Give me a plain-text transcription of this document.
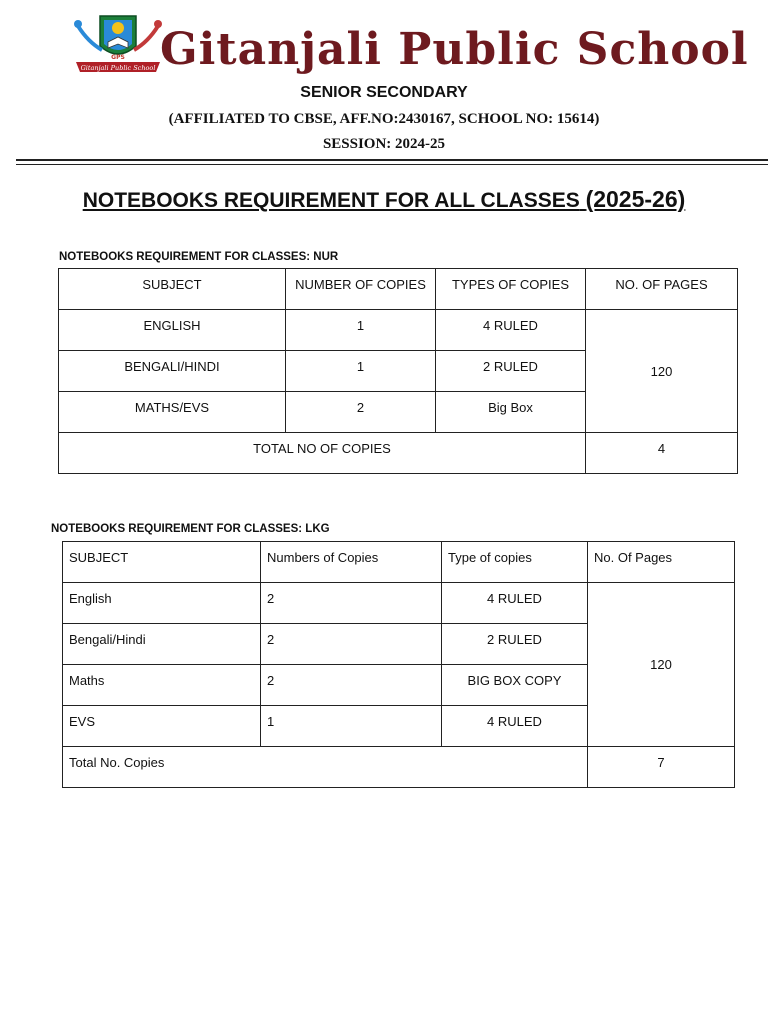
GPS
Gitanjali Public School Gitanjali Public School
SENIOR SECONDARY
(AFFILIATED TO CBSE, AFF.NO:2430167, SCHOOL NO: 15614)
SESSION: 2024-25
NOTEBOOKS REQUIREMENT FOR ALL CLASSES (2025-26)
NOTEBOOKS REQUIREMENT FOR CLASSES: NUR
SUBJECT	NUMBER OF COPIES	TYPES OF COPIES	NO. OF PAGES
ENGLISH	1	4 RULED	120
BENGALI/HINDI	1	2 RULED	
MATHS/EVS	2	Big Box	
TOTAL NO OF COPIES			4
NOTEBOOKS REQUIREMENT FOR CLASSES: LKG
SUBJECT	Numbers of Copies	Type of copies	No. Of Pages
English	2	4 RULED	120
Bengali/Hindi	2	2 RULED	
Maths	2	BIG BOX COPY	
EVS	1	4 RULED	
Total No. Copies			7
